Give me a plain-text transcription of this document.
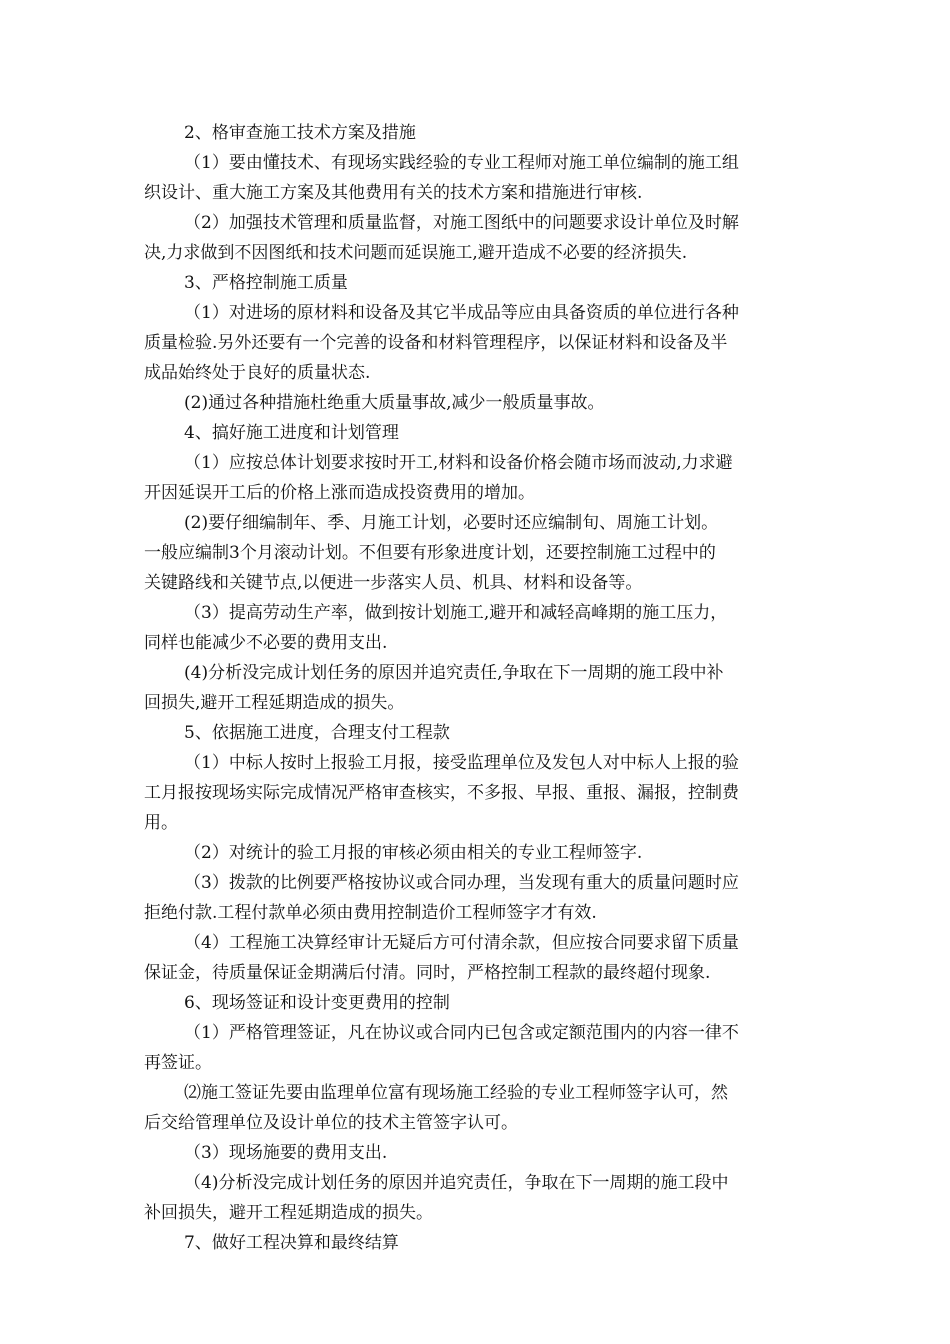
2、格审查施工技术方案及措施
（1）要由懂技术、有现场实践经验的专业工程师对施工单位编制的施工组
织设计、重大施工方案及其他费用有关的技术方案和措施进行审核.
（2）加强技术管理和质量监督，对施工图纸中的问题要求设计单位及时解
决,力求做到不因图纸和技术问题而延误施工,避开造成不必要的经济损失.
3、严格控制施工质量
（1）对进场的原材料和设备及其它半成品等应由具备资质的单位进行各种
质量检验.另外还要有一个完善的设备和材料管理程序，以保证材料和设备及半
成品始终处于良好的质量状态.
(2)通过各种措施杜绝重大质量事故,减少一般质量事故。
4、搞好施工进度和计划管理
（1）应按总体计划要求按时开工,材料和设备价格会随市场而波动,力求避
开因延误开工后的价格上涨而造成投资费用的增加。
(2)要仔细编制年、季、月施工计划，必要时还应编制旬、周施工计划。
一般应编制3个月滚动计划。不但要有形象进度计划，还要控制施工过程中的
关键路线和关键节点,以便进一步落实人员、机具、材料和设备等。
（3）提高劳动生产率，做到按计划施工,避开和减轻高峰期的施工压力，
同样也能减少不必要的费用支出.
(4)分析没完成计划任务的原因并追究责任,争取在下一周期的施工段中补
回损失,避开工程延期造成的损失。
5、依据施工进度，合理支付工程款
（1）中标人按时上报验工月报，接受监理单位及发包人对中标人上报的验
工月报按现场实际完成情况严格审查核实，不多报、早报、重报、漏报，控制费
用。
（2）对统计的验工月报的审核必须由相关的专业工程师签字.
（3）拨款的比例要严格按协议或合同办理，当发现有重大的质量问题时应
拒绝付款.工程付款单必须由费用控制造价工程师签字才有效.
（4）工程施工决算经审计无疑后方可付清余款，但应按合同要求留下质量
保证金，待质量保证金期满后付清。同时，严格控制工程款的最终超付现象.
6、现场签证和设计变更费用的控制
（1）严格管理签证，凡在协议或合同内已包含或定额范围内的内容一律不
再签证。
⑵施工签证先要由监理单位富有现场施工经验的专业工程师签字认可，然
后交给管理单位及设计单位的技术主管签字认可。
（3）现场施要的费用支出.
（4)分析没完成计划任务的原因并追究责任，争取在下一周期的施工段中
补回损失，避开工程延期造成的损失。
7、做好工程决算和最终结算
